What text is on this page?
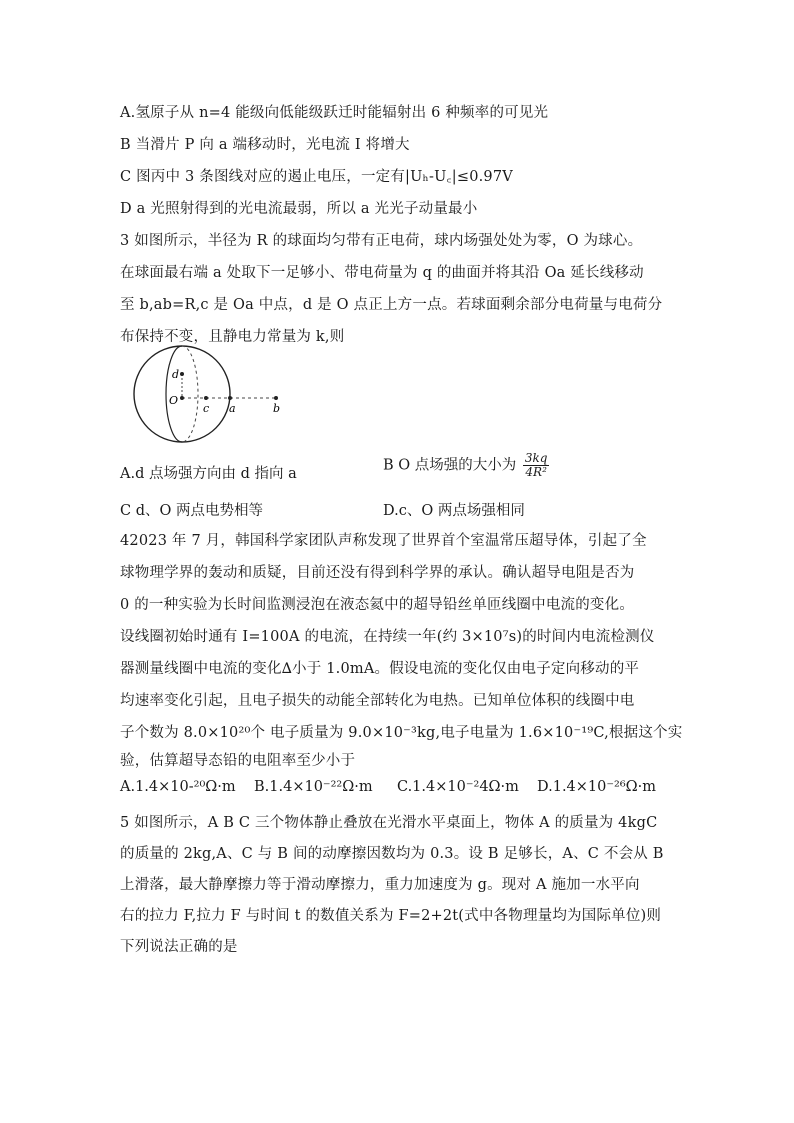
A.氢原子从 n=4 能级向低能级跃迁时能辐射出 6 种频率的可见光
B 当滑片 P 向 a 端移动时，光电流 I 将增大
C 图丙中 3 条图线对应的遏止电压，一定有|Uₕ-U꜀|≤0.97V
D a 光照射得到的光电流最弱，所以 a 光光子动量最小
3 如图所示，半径为 R 的球面均匀带有正电荷，球内场强处处为零，O 为球心。
在球面最右端 a 处取下一足够小、带电荷量为 q 的曲面并将其沿 Oa 延长线移动
至 b,ab=R,c 是 Oa 中点，d 是 O 点正上方一点。若球面剩余部分电荷量与电荷分
布保持不变，且静电力常量为 k,则
d
O
c a	b
A.d 点场强方向由 d 指向 a
B O 点场强的大小为 $\frac{3kq}{\text{4R²}}$
C d、O 两点电势相等	D.c、O 两点场强相同
42023 年 7 月，韩国科学家团队声称发现了世界首个室温常压超导体，引起了全
球物理学界的轰动和质疑，目前还没有得到科学界的承认。确认超导电阻是否为
0 的一种实验为长时间监测浸泡在液态氦中的超导铅丝单匝线圈中电流的变化。
设线圈初始时通有 I=100A 的电流，在持续一年(约 3×10⁷s)的时间内电流检测仪
器测量线圈中电流的变化∆小于 1.0mA。假设电流的变化仅由电子定向移动的平
均速率变化引起，且电子损失的动能全部转化为电热。已知单位体积的线圈中电
子个数为 8.0×10²⁰个 电子质量为 9.0×10⁻³kg,电子电量为 1.6×10⁻¹⁹C,根据这个实
验，估算超导态铅的电阻率至少小于
A.1.4×10-²⁰Ω·m B.1.4×10⁻²²Ω·m C.1.4×10⁻²4Ω·m D.1.4×10⁻²⁶Ω·m
5 如图所示，A B C 三个物体静止叠放在光滑水平桌面上，物体 A 的质量为 4kgC
的质量的 2kg,A、C 与 B 间的动摩擦因数均为 0.3。设 B 足够长，A、C 不会从 B
上滑落，最大静摩擦力等于滑动摩擦力，重力加速度为 g。现对 A 施加一水平向
右的拉力 F,拉力 F 与时间 t 的数值关系为 F=2+2t(式中各物理量均为国际单位)则
下列说法正确的是
